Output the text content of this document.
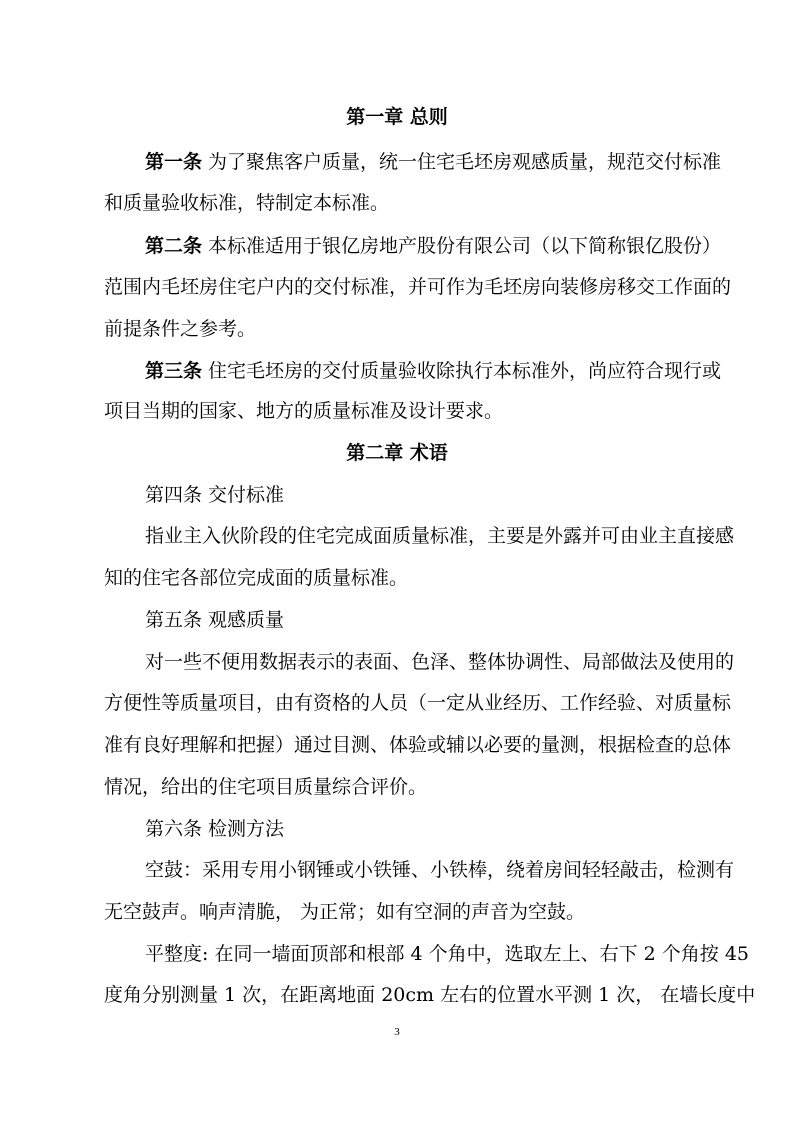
第一章 总则
第一条 为了聚焦客户质量，统一住宅毛坯房观感质量，规范交付标准
和质量验收标准，特制定本标准。
第二条 本标准适用于银亿房地产股份有限公司（以下简称银亿股份）
范围内毛坯房住宅户内的交付标准，并可作为毛坯房向装修房移交工作面的
前提条件之参考。
第三条 住宅毛坯房的交付质量验收除执行本标准外，尚应符合现行或
项目当期的国家、地方的质量标准及设计要求。
第二章 术语
第四条 交付标准
指业主入伙阶段的住宅完成面质量标准，主要是外露并可由业主直接感
知的住宅各部位完成面的质量标准。
第五条 观感质量
对一些不便用数据表示的表面、色泽、整体协调性、局部做法及使用的
方便性等质量项目，由有资格的人员（一定从业经历、工作经验、对质量标
准有良好理解和把握）通过目测、体验或辅以必要的量测，根据检查的总体
情况，给出的住宅项目质量综合评价。
第六条 检测方法
空鼓：采用专用小钢锤或小铁锤、小铁棒，绕着房间轻轻敲击，检测有
无空鼓声。响声清脆， 为正常；如有空洞的声音为空鼓。
平整度: 在同一墙面顶部和根部 4 个角中，选取左上、右下 2 个角按 45
度角分别测量 1 次，在距离地面 20cm 左右的位置水平测 1 次， 在墙长度中
3
